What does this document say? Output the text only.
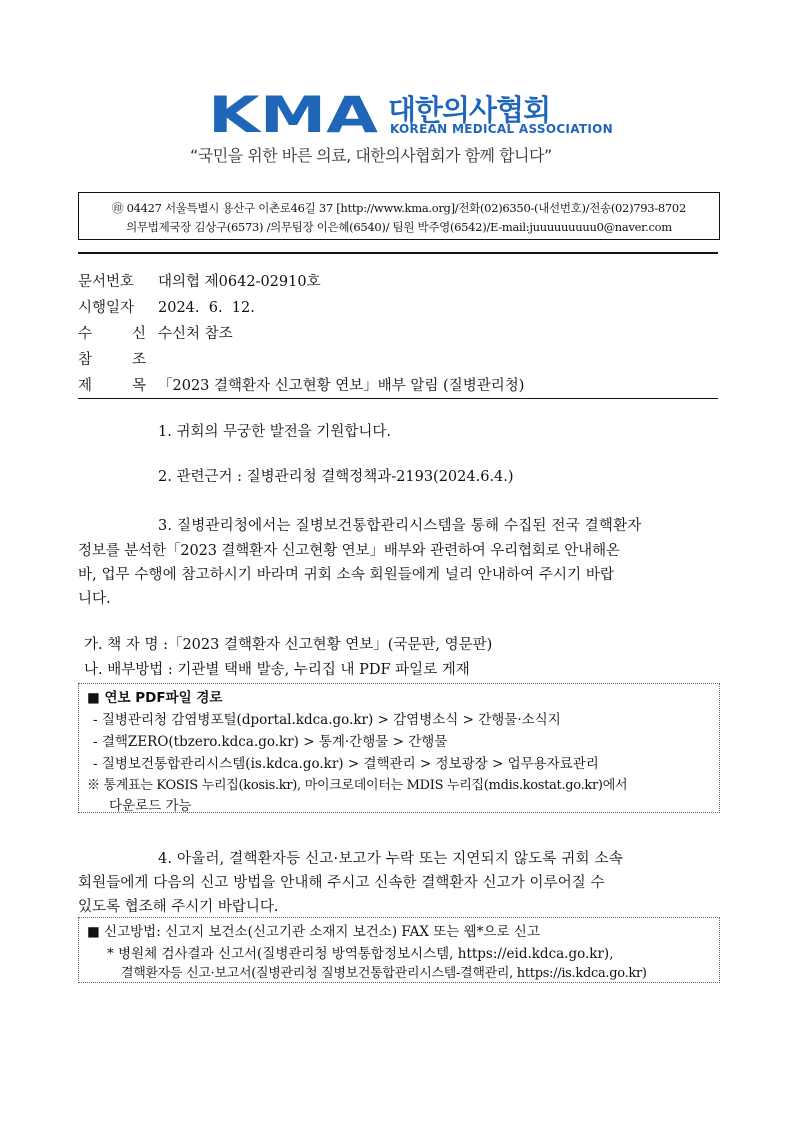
KMA 대한의사협회
KOREAN MEDICAL ASSOCIATION
“국민을 위한 바른 의료, 대한의사협회가 함께 합니다”
㊞ 04427 서울특별시 용산구 이촌로46길 37 [http://www.kma.org]/전화(02)6350-(내선번호)/전송(02)793-8702
의무법제국장 김상구(6573) /의무팀장 이은혜(6540)/ 팀원 박주영(6542)/E-mail:juuuuuuuuu0@naver.com
문서번호 대의협 제0642-02910호
시행일자 2024.  6.  12.
수	신 수신처 참조
참	조
제	목 「2023 결핵환자 신고현황 연보」배부 알림 (질병관리청)
1. 귀회의 무궁한 발전을 기원합니다.
2. 관련근거 : 질병관리청 결핵정책과-2193(2024.6.4.)
3. 질병관리청에서는 질병보건통합관리시스템을 통해 수집된 전국 결핵환자
정보를 분석한「2023 결핵환자 신고현황 연보」배부와 관련하여 우리협회로 안내해온
바, 업무 수행에 참고하시기 바라며 귀회 소속 회원들에게 널리 안내하여 주시기 바랍
니다.
가. 책 자 명 :「2023 결핵환자 신고현황 연보」(국문판, 영문판)
나. 배부방법 : 기관별 택배 발송, 누리집 내 PDF 파일로 게재
■ 연보 PDF파일 경로
- 질병관리청 감염병포털(dportal.kdca.go.kr) > 감염병소식 > 간행물·소식지
- 결핵ZERO(tbzero.kdca.go.kr) > 통계·간행물 > 간행물
- 질병보건통합관리시스템(is.kdca.go.kr) > 결핵관리 > 정보광장 > 업무용자료관리
※ 통계표는 KOSIS 누리집(kosis.kr), 마이크로데이터는 MDIS 누리집(mdis.kostat.go.kr)에서
다운로드 가능
4. 아울러, 결핵환자등 신고·보고가 누락 또는 지연되지 않도록 귀회 소속
회원들에게 다음의 신고 방법을 안내해 주시고 신속한 결핵환자 신고가 이루어질 수
있도록 협조해 주시기 바랍니다.
■ 신고방법: 신고지 보건소(신고기관 소재지 보건소) FAX 또는 웹*으로 신고
* 병원체 검사결과 신고서(질병관리청 방역통합정보시스템, https://eid.kdca.go.kr),
결핵환자등 신고·보고서(질병관리청 질병보건통합관리시스템-결핵관리, https://is.kdca.go.kr)
